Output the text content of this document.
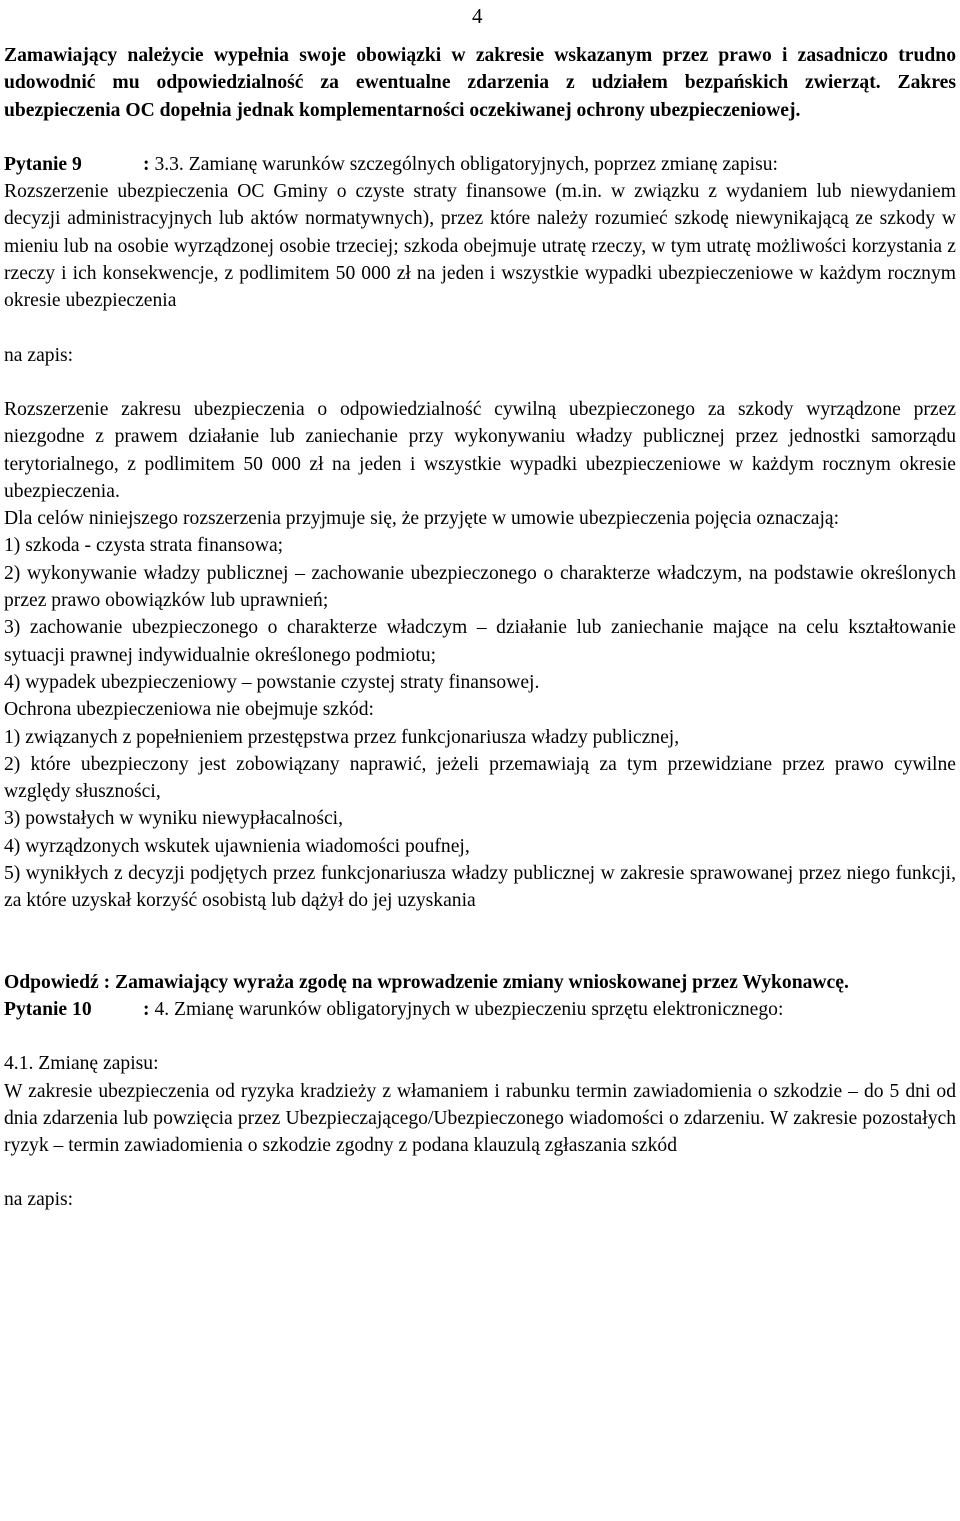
4

Zamawiający należycie wypełnia swoje obowiązki w zakresie wskazanym przez prawo i zasadniczo trudno udowodnić mu odpowiedzialność za ewentualne zdarzenia z udziałem bezpańskich zwierząt. Zakres ubezpieczenia OC dopełnia jednak komplementarności oczekiwanej ochrony ubezpieczeniowej.

Pytanie 9	: 3.3. Zamianę warunków szczególnych obligatoryjnych, poprzez zmianę zapisu:

Rozszerzenie ubezpieczenia OC Gminy o czyste straty finansowe (m.in. w związku z wydaniem lub niewydaniem decyzji administracyjnych lub aktów normatywnych), przez które należy rozumieć szkodę niewynikającą ze szkody w mieniu lub na osobie wyrządzonej osobie trzeciej; szkoda obejmuje utratę rzeczy, w tym utratę możliwości korzystania z rzeczy i ich konsekwencje, z podlimitem 50 000 zł na jeden i wszystkie wypadki ubezpieczeniowe w każdym rocznym okresie ubezpieczenia

na zapis:

Rozszerzenie zakresu ubezpieczenia o odpowiedzialność cywilną ubezpieczonego za szkody wyrządzone przez niezgodne z prawem działanie lub zaniechanie przy wykonywaniu władzy publicznej przez jednostki samorządu terytorialnego, z podlimitem 50 000 zł na jeden i wszystkie wypadki ubezpieczeniowe w każdym rocznym okresie ubezpieczenia.

Dla celów niniejszego rozszerzenia przyjmuje się, że przyjęte w umowie ubezpieczenia pojęcia oznaczają:

1) szkoda - czysta strata finansowa;

2) wykonywanie władzy publicznej – zachowanie ubezpieczonego o charakterze władczym, na podstawie określonych przez prawo obowiązków lub uprawnień;

3) zachowanie ubezpieczonego o charakterze władczym – działanie lub zaniechanie mające na celu kształtowanie sytuacji prawnej indywidualnie określonego podmiotu;

4) wypadek ubezpieczeniowy – powstanie czystej straty finansowej.

Ochrona ubezpieczeniowa nie obejmuje szkód:

1) związanych z popełnieniem przestępstwa przez funkcjonariusza władzy publicznej,

2) które ubezpieczony jest zobowiązany naprawić, jeżeli przemawiają za tym przewidziane przez prawo cywilne względy słuszności,

3) powstałych w wyniku niewypłacalności,

4) wyrządzonych wskutek ujawnienia wiadomości poufnej,

5) wynikłych z decyzji podjętych przez funkcjonariusza władzy publicznej w zakresie sprawowanej przez niego funkcji, za które uzyskał korzyść osobistą lub dążył do jej uzyskania

Odpowiedź : Zamawiający wyraża zgodę na wprowadzenie zmiany wnioskowanej przez Wykonawcę.

Pytanie 10	: 4. Zmianę warunków obligatoryjnych w ubezpieczeniu sprzętu elektronicznego:

4.1. Zmianę zapisu:

W zakresie ubezpieczenia od ryzyka kradzieży z włamaniem i rabunku termin zawiadomienia o szkodzie – do 5 dni od dnia zdarzenia lub powzięcia przez Ubezpieczającego/Ubezpieczonego wiadomości o zdarzeniu. W zakresie pozostałych ryzyk – termin zawiadomienia o szkodzie zgodny z podana klauzulą zgłaszania szkód

na zapis:
